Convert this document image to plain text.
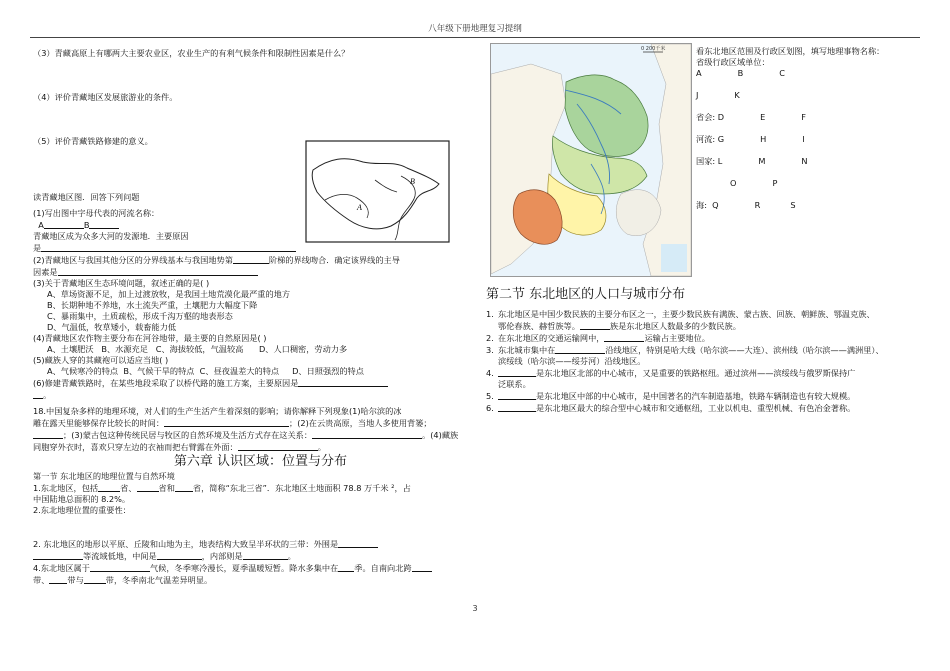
八年级下册地理复习提纲
（3）青藏高原上有哪两大主要农业区，农业生产的有利气候条件和限制性因素是什么？
（4）评价青藏地区发展旅游业的条件。
（5）评价青藏铁路修建的意义。
A
B
读青藏地区图．回答下列问题
(1)写出图中字母代表的河流名称：
A	B
青藏地区成为众多大河的发源地．主要原因
是
(2)青藏地区与我国其他分区的分界线基本与我国地势第	阶梯的界线吻合．确定该界线的主导
因素是
(3)关于青藏地区生态环境问题，叙述正确的是( )
A、草场资源不足，加上过渡放牧，是我国土地荒漠化最严重的地方
B、长期种地不养地，水土流失严重，土壤肥力大幅度下降
C、暴雨集中，土质疏松，形成千沟万壑的地表形态
D、气温低，牧草矮小，载畜能力低
(4)青藏地区农作物主要分布在河谷地带，最主要的自然原因是( )
A、土壤肥沃 B、水源充足 C、海拔较低，气温较高 D、人口稠密，劳动力多
(5)藏族人穿的其藏袍可以适应当地( )
A、气候寒冷的特点 B、气候干旱的特点 C、昼夜温差大的特点 D、日照强烈的特点
(6)修建青藏铁路时，在某些地段采取了以桥代路的施工方案，主要原因是
。
18.中国复杂多样的地理环境，对人们的生产生活产生着深刻的影响；请你解释下列现象(1)哈尔滨的冰
雕在露天里能够保存比较长的时间：	；(2)在云贵高原，当地人多使用背篓；
；(3)蒙古包这种传统民居与牧区的自然环境及生活方式存在这关系：	。(4)藏族
同胞穿外衣时，喜欢只穿左边的衣袖而把右臂露在外面：	。
第六章 认识区域：位置与分布
第一节 东北地区的地理位置与自然环境
1.东北地区，包括	省、	省和 省，简称“东北三省”．东北地区土地面积 78.8 万千米 ²，占
中国陆地总面积的 8.2%。
2.东北地理位置的重要性：
2. 东北地区的地形以平原、丘陵和山地为主，地表结构大致呈半环状的三带：外围是
等流域低地，中间是	，内部则是	。
4.东北地区属于	气候，冬季寒冷漫长，夏季温暖短暂。降水多集中在 季。自南向北跨
带、 带与	带，冬季南北气温差异明显。
0 200千米	看东北地区范围及行政区划图，填写地理事物名称：
省级行政区域单位：
A	B	C
J	K
省会: D	E	F
河流: G	H	I
国家: L	M	N
O	P
海: Q	R	S
第二节 东北地区的人口与城市分布
1. 东北地区是中国少数民族的主要分布区之一，主要少数民族有满族、蒙古族、回族、朝鲜族、鄂温克族、
鄂伦春族、赫哲族等。	族是东北地区人数最多的少数民族。
2. 在东北地区的交通运输网中，	运输占主要地位。
3. 东北城市集中在	沿线地区，特别是哈大线（哈尔滨——大连）、滨州线（哈尔滨——满洲里）、
滨绥线（哈尔滨——绥芬河）沿线地区。
4.	是东北地区北部的中心城市，又是重要的铁路枢纽。通过滨州——滨绥线与俄罗斯保持广
泛联系。
5.	是东北地区中部的中心城市，是中国著名的汽车制造基地，铁路车辆制造也有较大规模。
6.	是东北地区最大的综合型中心城市和交通枢纽，工业以机电、重型机械、有色冶金著称。
3
